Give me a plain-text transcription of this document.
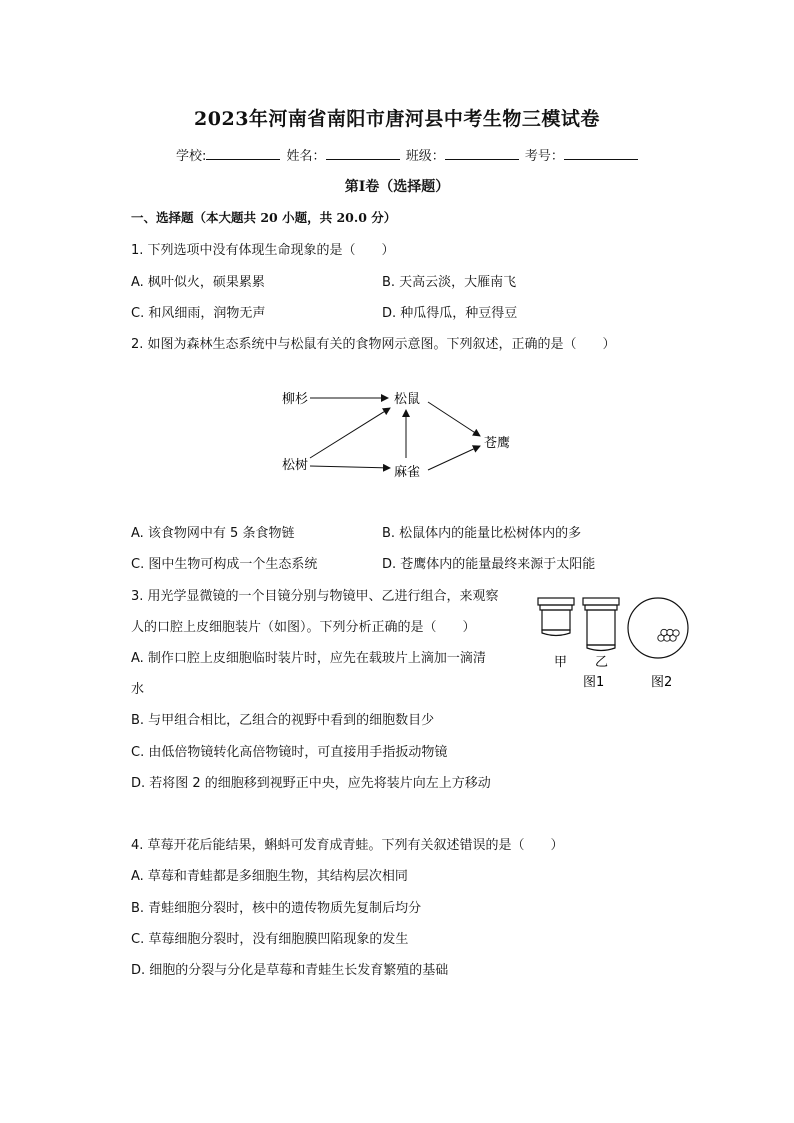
2023年河南省南阳市唐河县中考生物三模试卷
学校:	姓名：	班级：	考号：
第I卷（选择题）
一、选择题（本大题共 20 小题，共 20.0 分）
1. 下列选项中没有体现生命现象的是（　　）
A. 枫叶似火，硕果累累	B. 天高云淡，大雁南飞
C. 和风细雨，润物无声	D. 种瓜得瓜，种豆得豆
2. 如图为森林生态系统中与松鼠有关的食物网示意图。下列叙述，正确的是（　　）
柳杉	松鼠
苍鹰
松树	麻雀
A. 该食物网中有 5 条食物链	B. 松鼠体内的能量比松树体内的多
C. 图中生物可构成一个生态系统	D. 苍鹰体内的能量最终来源于太阳能
3. 用光学显微镜的一个目镜分别与物镜甲、乙进行组合，来观察
人的口腔上皮细胞装片（如图）。下列分析正确的是（　　）
A. 制作口腔上皮细胞临时装片时，应先在载玻片上滴加一滴清
水
B. 与甲组合相比，乙组合的视野中看到的细胞数目少
C. 由低倍物镜转化高倍物镜时，可直接用手指扳动物镜
D. 若将图 2 的细胞移到视野正中央，应先将装片向左上方移动
甲 乙
图1	图2
4. 草莓开花后能结果，蝌蚪可发育成青蛙。下列有关叙述错误的是（　　）
A. 草莓和青蛙都是多细胞生物，其结构层次相同
B. 青蛙细胞分裂时，核中的遗传物质先复制后均分
C. 草莓细胞分裂时，没有细胞膜凹陷现象的发生
D. 细胞的分裂与分化是草莓和青蛙生长发育繁殖的基础
